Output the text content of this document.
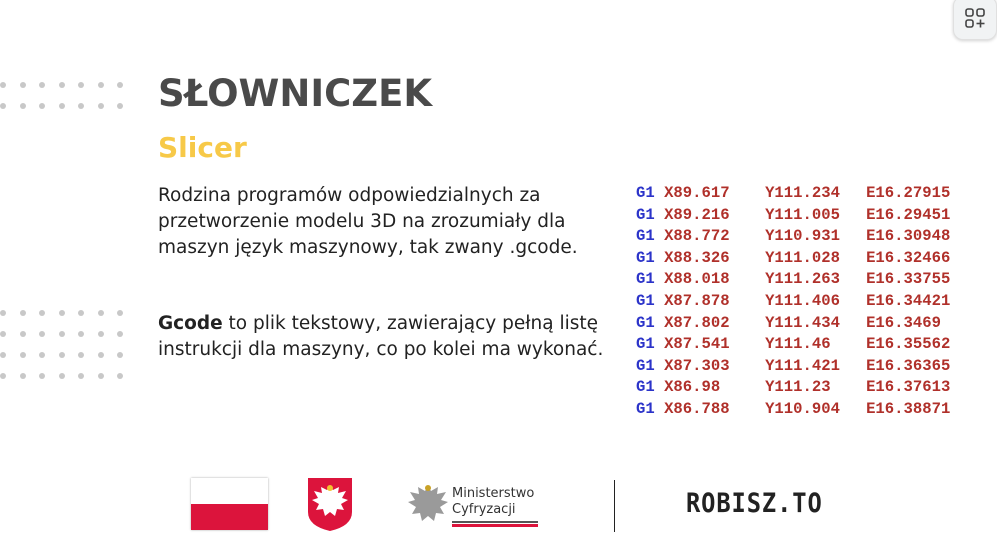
SŁOWNICZEK
Slicer

Rodzina programów odpowiedzialnych za przetworzenie modelu 3D na zrozumiały dla maszyn język maszynowy, tak zwany .gcode.

Gcode to plik tekstowy, zawierający pełną listę instrukcji dla maszyny, co po kolei ma wykonać.

G1 X89.617 Y111.234 E16.27915
G1 X89.216 Y111.005 E16.29451
G1 X88.772 Y110.931 E16.30948
G1 X88.326 Y111.028 E16.32466
G1 X88.018 Y111.263 E16.33755
G1 X87.878 Y111.406 E16.34421
G1 X87.802 Y111.434 E16.3469
G1 X87.541 Y111.46 E16.35562
G1 X87.303 Y111.421 E16.36365
G1 X86.98	Y111.23 E16.37613
G1 X86.788 Y110.904 E16.38871
Ministerstwo
Cyfryzacji	ROBISZ.TO
